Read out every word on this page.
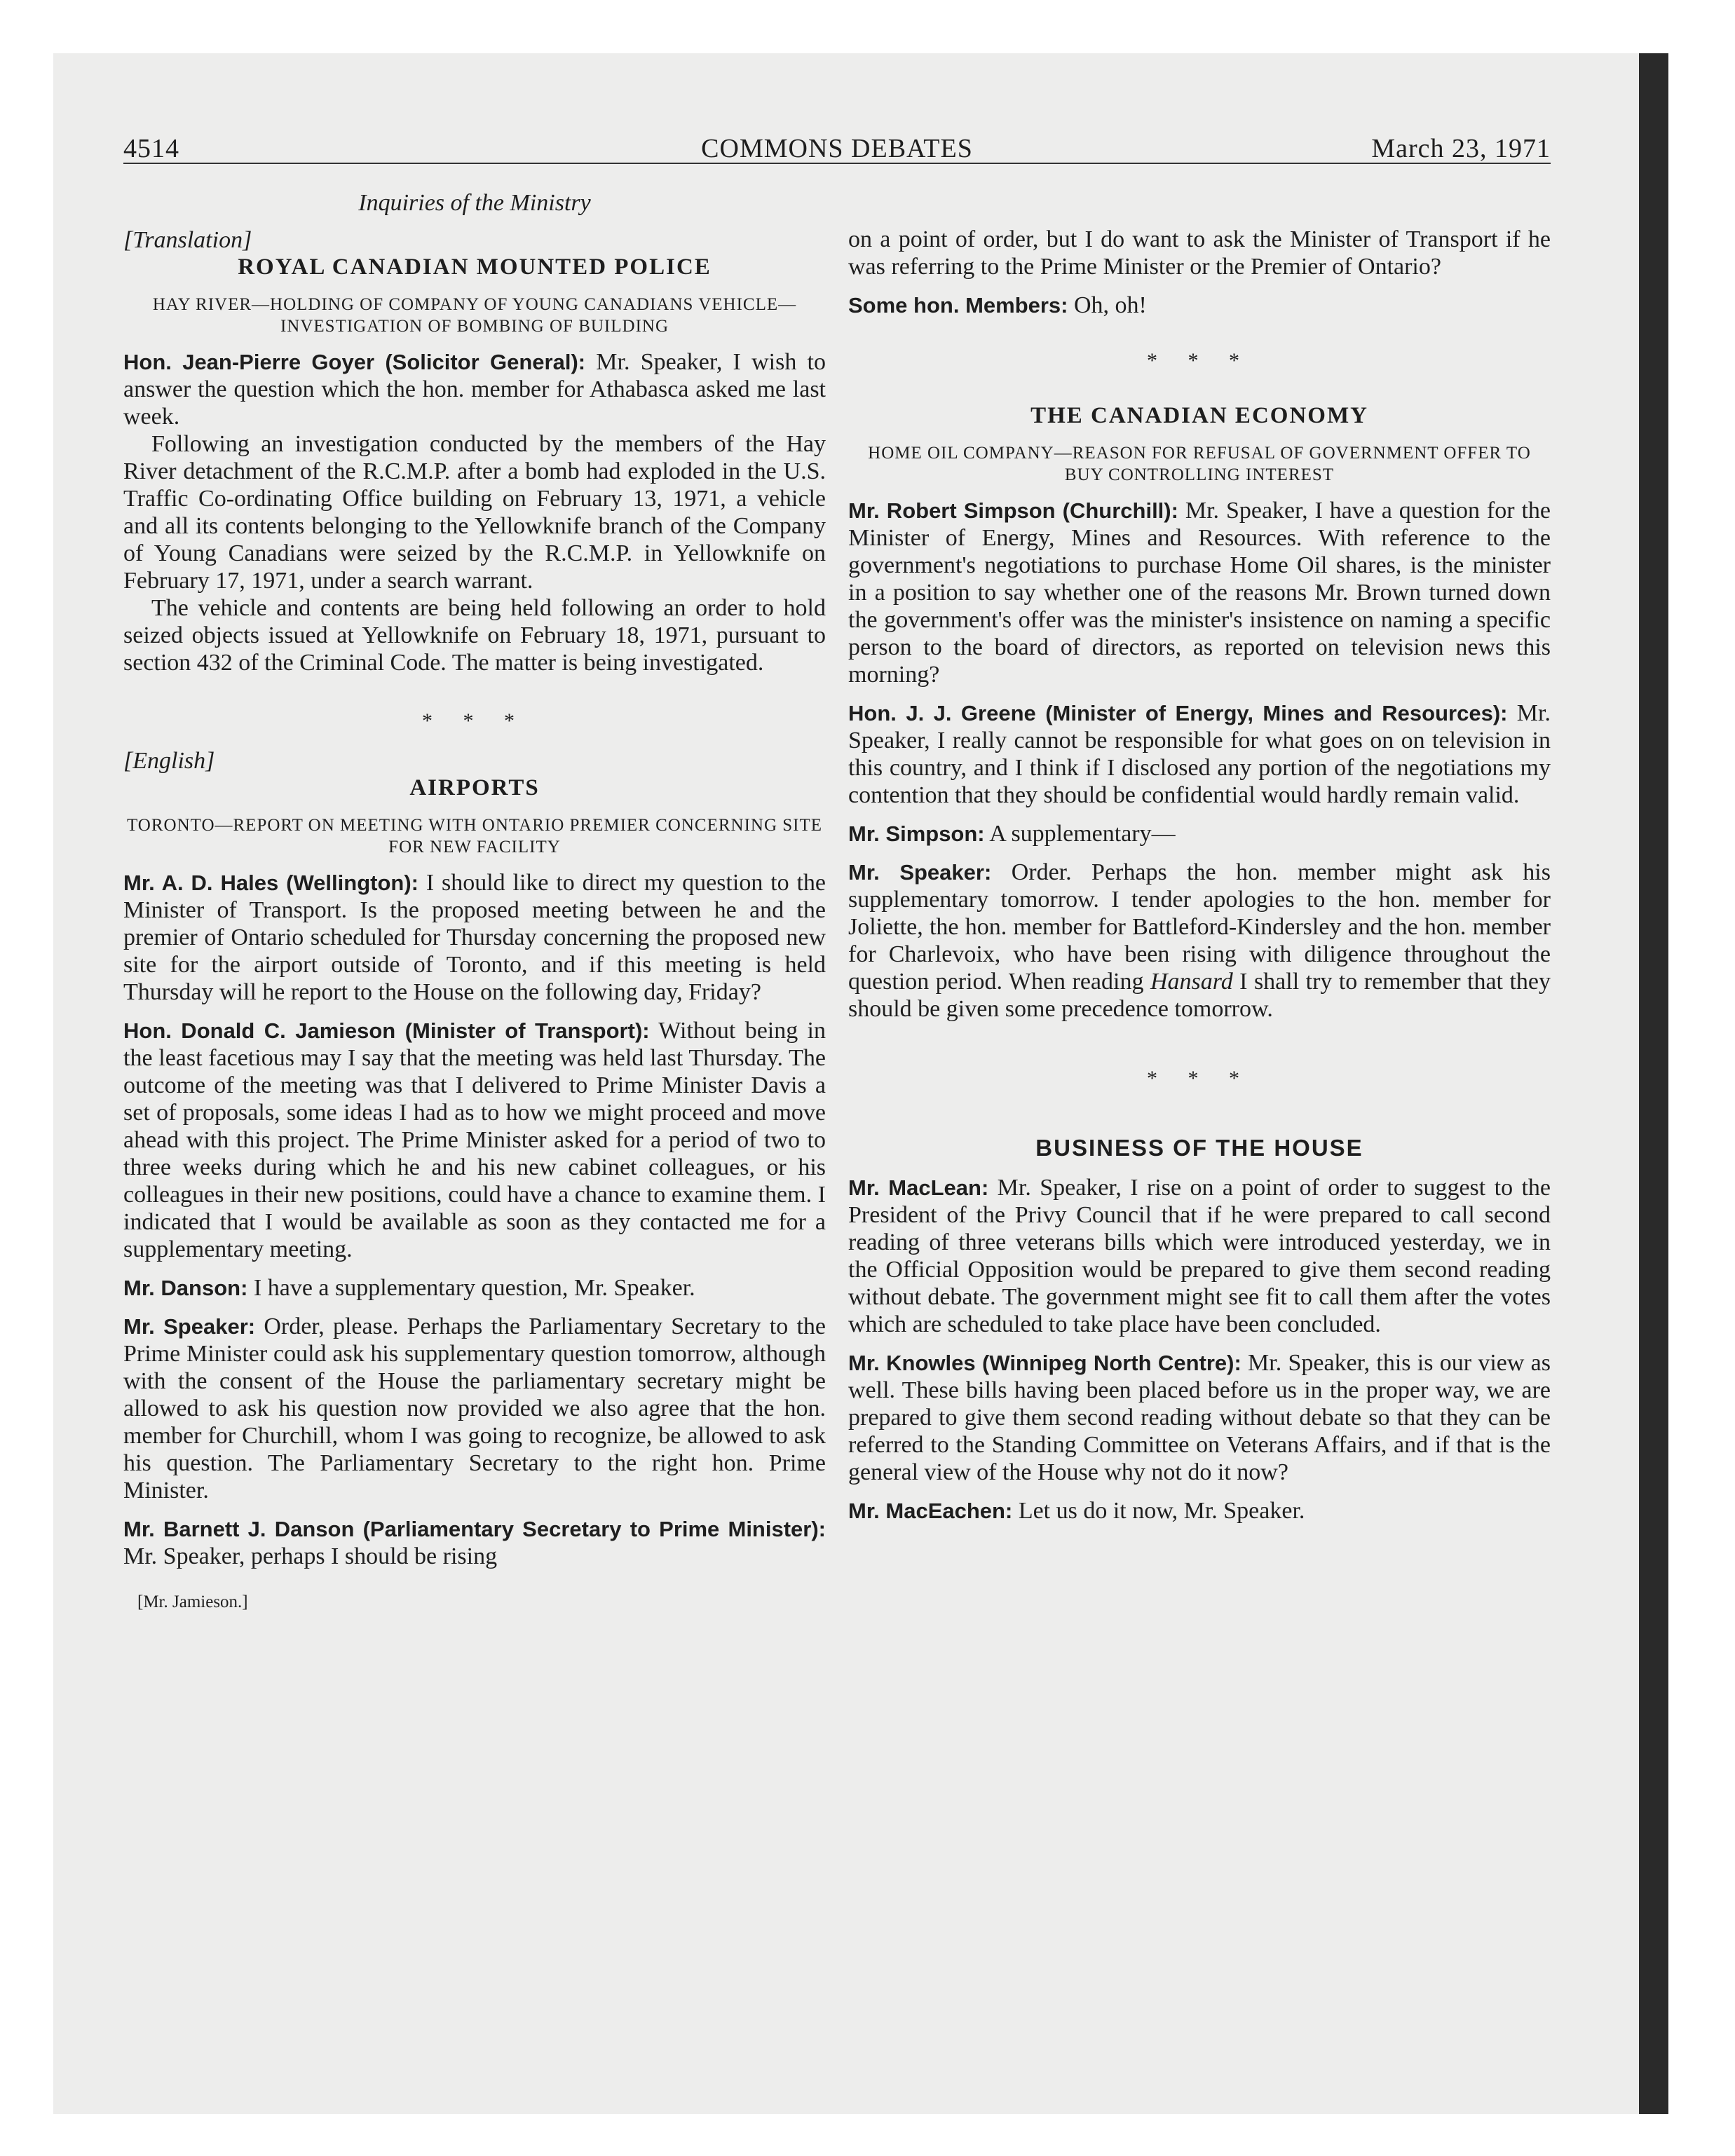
4514	COMMONS DEBATES	March 23, 1971

Inquiries of the Ministry

[Translation]

ROYAL CANADIAN MOUNTED POLICE

HAY RIVER—HOLDING OF COMPANY OF YOUNG CANADIANS VEHICLE—INVESTIGATION OF BOMBING OF BUILDING

Hon. Jean-Pierre Goyer (Solicitor General): Mr. Speaker, I wish to answer the question which the hon. member for Athabasca asked me last week.

Following an investigation conducted by the members of the Hay River detachment of the R.C.M.P. after a bomb had exploded in the U.S. Traffic Co-ordinating Office building on February 13, 1971, a vehicle and all its contents belonging to the Yellowknife branch of the Company of Young Canadians were seized by the R.C.M.P. in Yellowknife on February 17, 1971, under a search warrant.

The vehicle and contents are being held following an order to hold seized objects issued at Yellowknife on February 18, 1971, pursuant to section 432 of the Criminal Code. The matter is being investigated.

* * *

[English]

AIRPORTS

TORONTO—REPORT ON MEETING WITH ONTARIO PREMIER CONCERNING SITE FOR NEW FACILITY

Mr. A. D. Hales (Wellington): I should like to direct my question to the Minister of Transport. Is the proposed meeting between he and the premier of Ontario scheduled for Thursday concerning the proposed new site for the airport outside of Toronto, and if this meeting is held Thursday will he report to the House on the following day, Friday?

Hon. Donald C. Jamieson (Minister of Transport): Without being in the least facetious may I say that the meeting was held last Thursday. The outcome of the meeting was that I delivered to Prime Minister Davis a set of proposals, some ideas I had as to how we might proceed and move ahead with this project. The Prime Minister asked for a period of two to three weeks during which he and his new cabinet colleagues, or his colleagues in their new positions, could have a chance to examine them. I indicated that I would be available as soon as they contacted me for a supplementary meeting.

Mr. Danson: I have a supplementary question, Mr. Speaker.

Mr. Speaker: Order, please. Perhaps the Parliamentary Secretary to the Prime Minister could ask his supplementary question tomorrow, although with the consent of the House the parliamentary secretary might be allowed to ask his question now provided we also agree that the hon. member for Churchill, whom I was going to recognize, be allowed to ask his question. The Parliamentary Secretary to the right hon. Prime Minister.

Mr. Barnett J. Danson (Parliamentary Secretary to Prime Minister): Mr. Speaker, perhaps I should be rising

[Mr. Jamieson.]

on a point of order, but I do want to ask the Minister of Transport if he was referring to the Prime Minister or the Premier of Ontario?

Some hon. Members: Oh, oh!

* * *

THE CANADIAN ECONOMY

HOME OIL COMPANY—REASON FOR REFUSAL OF GOVERNMENT OFFER TO BUY CONTROLLING INTEREST

Mr. Robert Simpson (Churchill): Mr. Speaker, I have a question for the Minister of Energy, Mines and Resources. With reference to the government's negotiations to purchase Home Oil shares, is the minister in a position to say whether one of the reasons Mr. Brown turned down the government's offer was the minister's insistence on naming a specific person to the board of directors, as reported on television news this morning?

Hon. J. J. Greene (Minister of Energy, Mines and Resources): Mr. Speaker, I really cannot be responsible for what goes on on television in this country, and I think if I disclosed any portion of the negotiations my contention that they should be confidential would hardly remain valid.

Mr. Simpson: A supplementary—

Mr. Speaker: Order. Perhaps the hon. member might ask his supplementary tomorrow. I tender apologies to the hon. member for Joliette, the hon. member for Battleford-Kindersley and the hon. member for Charlevoix, who have been rising with diligence throughout the question period. When reading Hansard I shall try to remember that they should be given some precedence tomorrow.

* * *

BUSINESS OF THE HOUSE

Mr. MacLean: Mr. Speaker, I rise on a point of order to suggest to the President of the Privy Council that if he were prepared to call second reading of three veterans bills which were introduced yesterday, we in the Official Opposition would be prepared to give them second reading without debate. The government might see fit to call them after the votes which are scheduled to take place have been concluded.

Mr. Knowles (Winnipeg North Centre): Mr. Speaker, this is our view as well. These bills having been placed before us in the proper way, we are prepared to give them second reading without debate so that they can be referred to the Standing Committee on Veterans Affairs, and if that is the general view of the House why not do it now?

Mr. MacEachen: Let us do it now, Mr. Speaker.
